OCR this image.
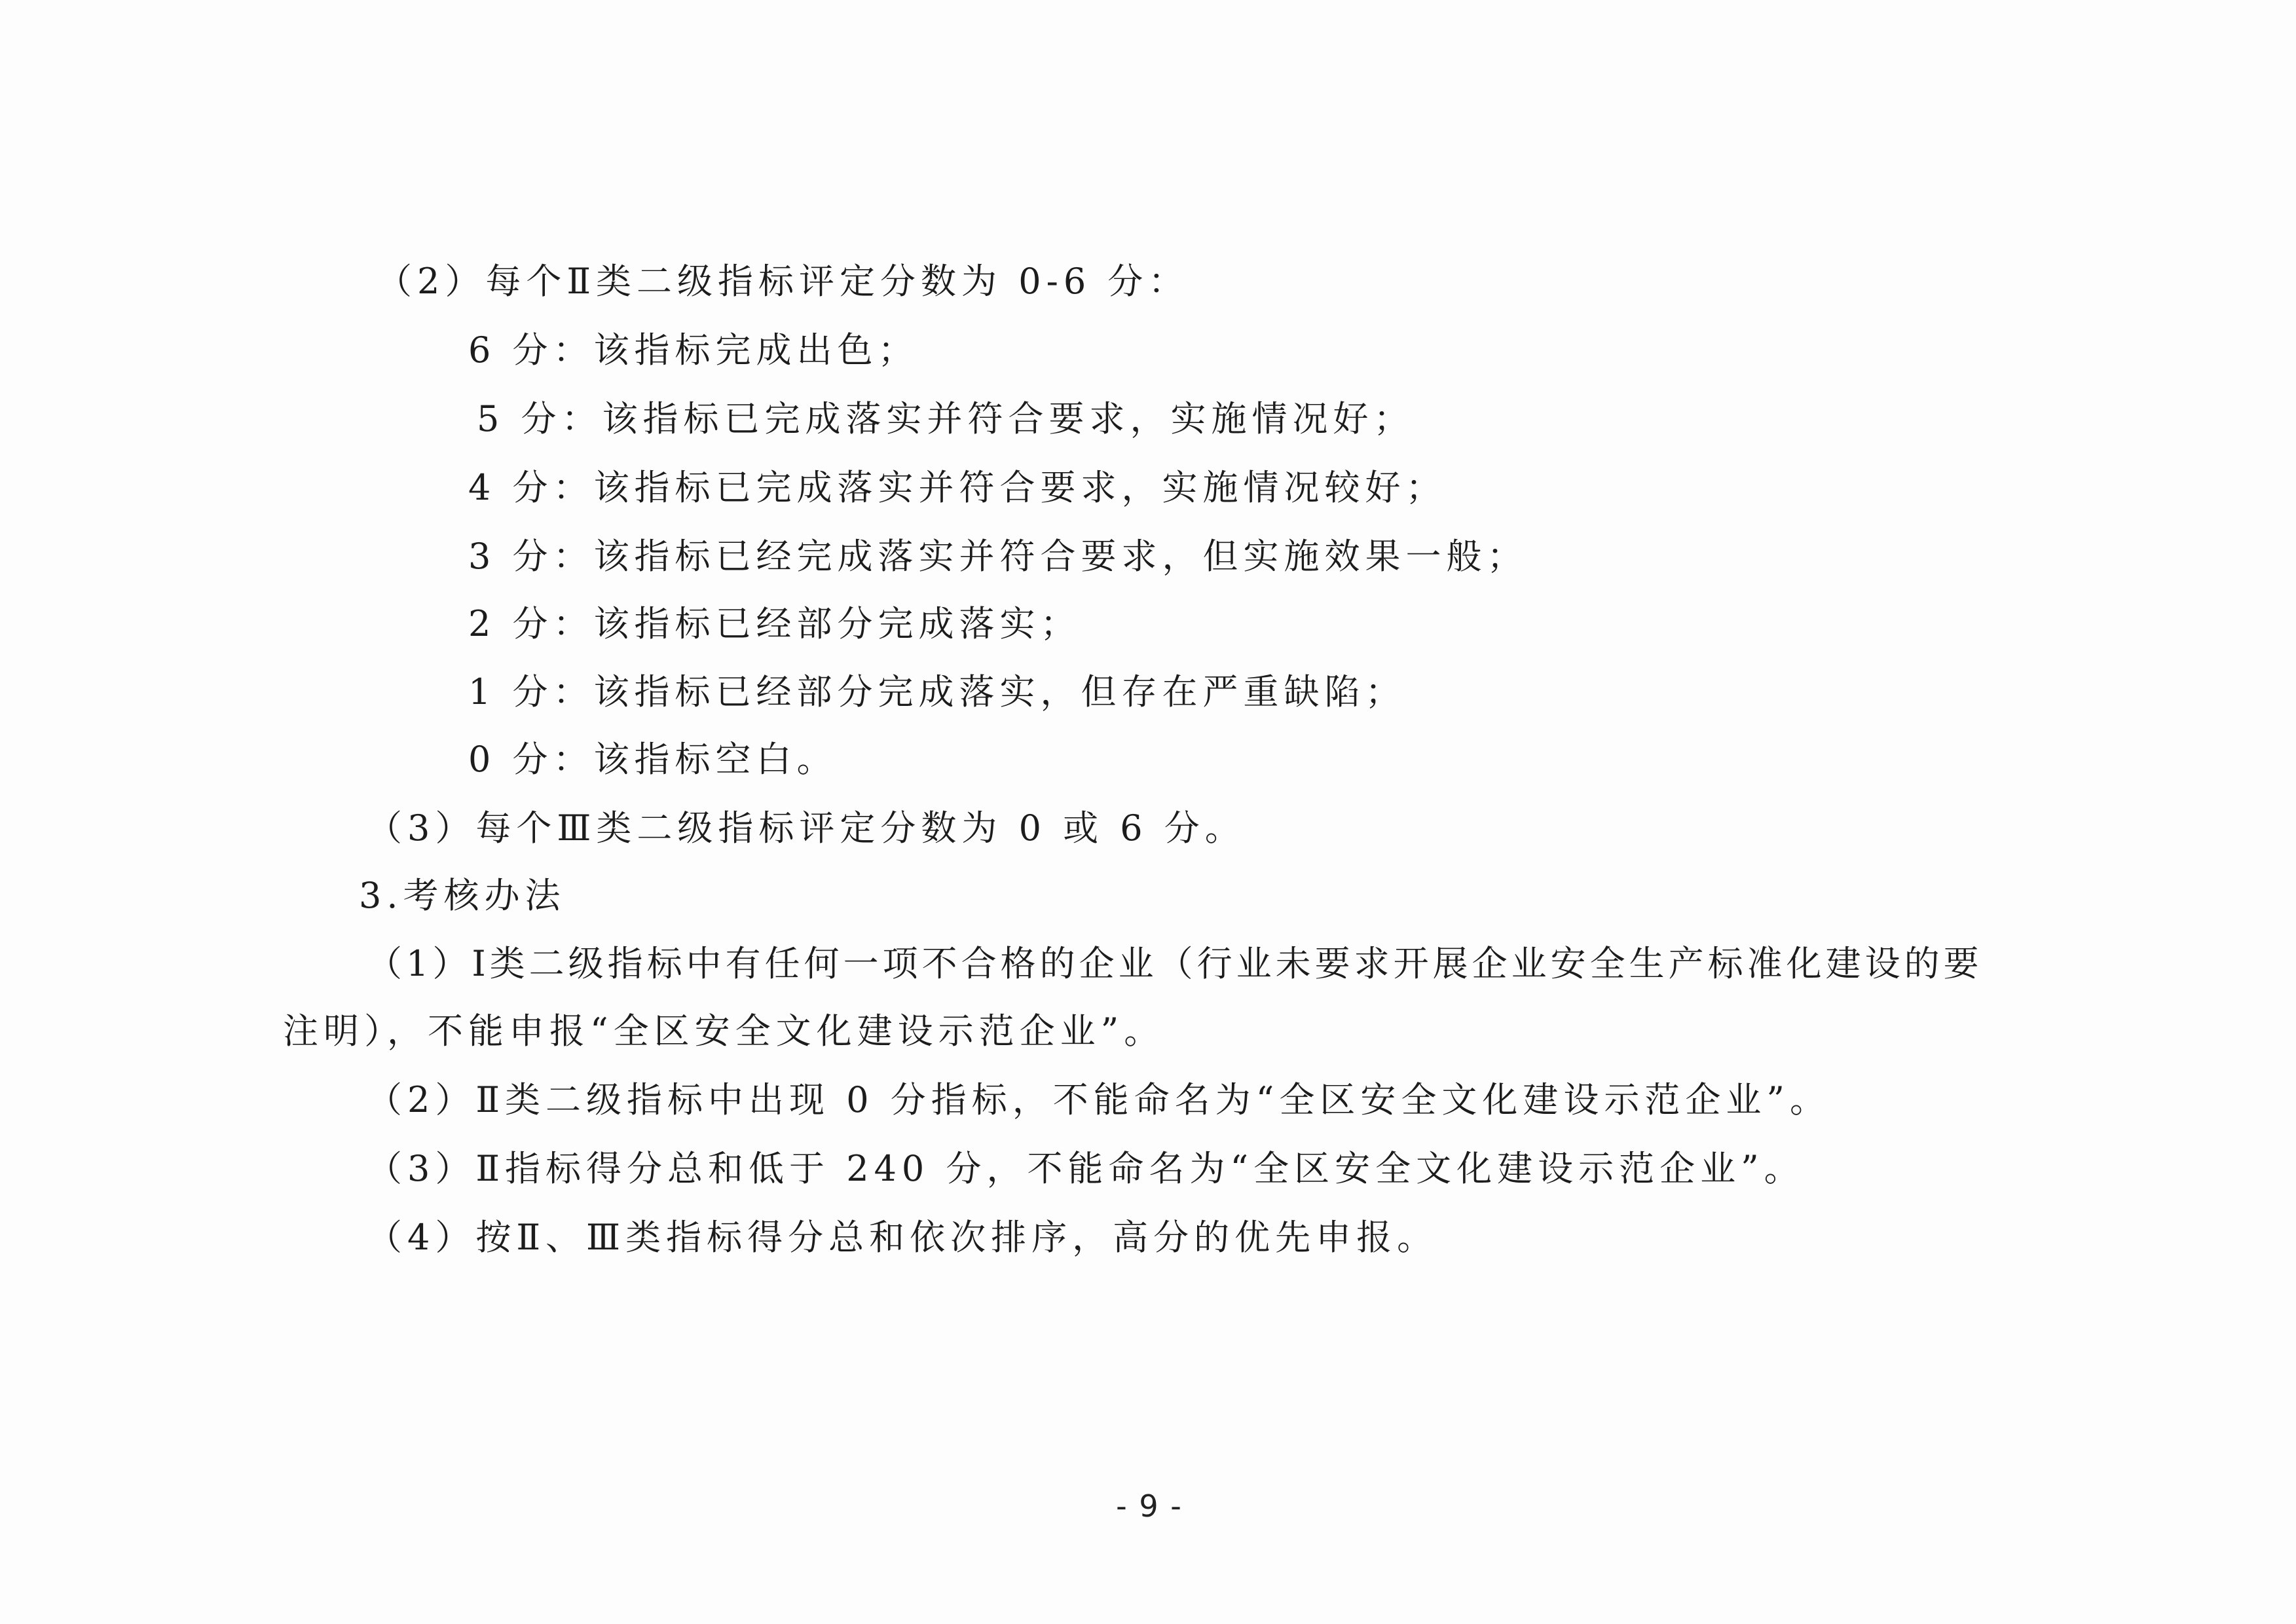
（2）每个Ⅱ类二级指标评定分数为 0-6 分：
6 分：该指标完成出色；
5 分：该指标已完成落实并符合要求，实施情况好；
4 分：该指标已完成落实并符合要求，实施情况较好；
3 分：该指标已经完成落实并符合要求，但实施效果一般；
2 分：该指标已经部分完成落实；
1 分：该指标已经部分完成落实，但存在严重缺陷；
0 分：该指标空白。
（3）每个Ⅲ类二级指标评定分数为 0 或 6 分。
3.考核办法
（1）Ⅰ类二级指标中有任何一项不合格的企业（行业未要求开展企业安全生产标准化建设的要
注明），不能申报“全区安全文化建设示范企业”。
（2）Ⅱ类二级指标中出现 0 分指标，不能命名为“全区安全文化建设示范企业”。
（3）Ⅱ指标得分总和低于 240 分，不能命名为“全区安全文化建设示范企业”。
（4）按Ⅱ、Ⅲ类指标得分总和依次排序，高分的优先申报。
- 9 -
